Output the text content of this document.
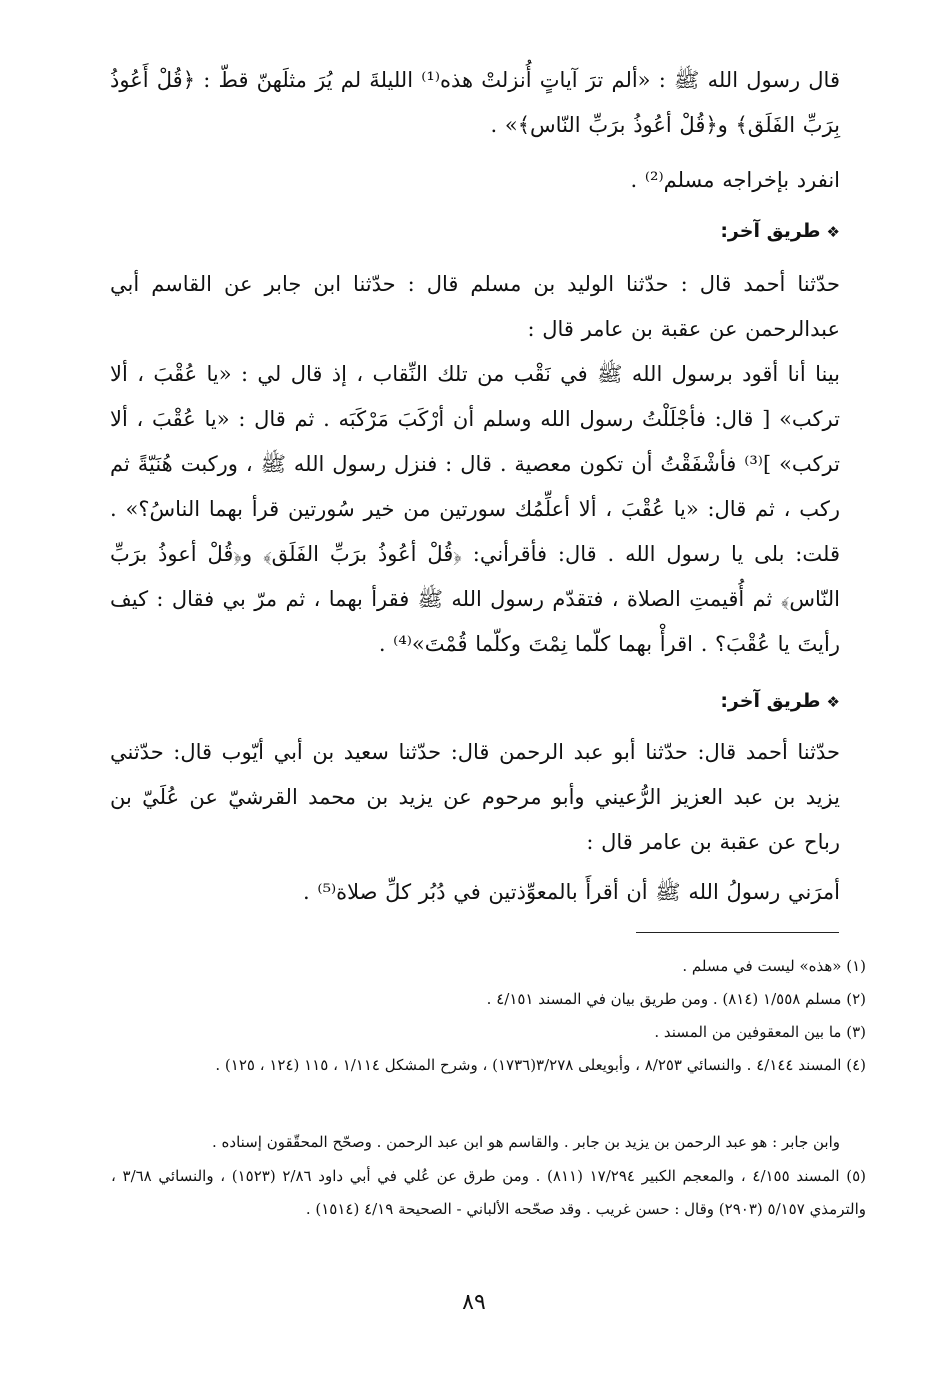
قال رسول الله ﷺ : «ألم ترَ آياتٍ أُنزلتْ هذه⁽¹⁾ الليلةَ لم يُرَ مثلَهنّ قطّ : ﴿قُلْ أَعُوذُ بِرَبِّ الفَلَق﴾ و﴿قُلْ أعُوذُ برَبِّ النّاس﴾» .
انفرد بإخراجه مسلم⁽²⁾ .
❖طريق آخر:
حدّثنا أحمد قال : حدّثنا الوليد بن مسلم قال : حدّثنا ابن جابر عن القاسم أبي عبدالرحمن عن عقبة بن عامر قال :
بينا أنا أقود برسول الله ﷺ في نَقْب من تلك النِّقاب ، إذ قال لي : «يا عُقْبَ ، ألا تركب» [ قال: فأجْلَلْتُ رسول الله وسلم أن أرْكَبَ مَرْكَبَه . ثم قال : «يا عُقْبَ ، ألا تركب» ]⁽³⁾ فأشْفَقْتُ أن تكون معصية . قال : فنزل رسول الله ﷺ ، وركبت هُنَيّةً ثم ركب ، ثم قال: «يا عُقْبَ ، ألا أعلِّمُك سورتين من خير سُورتين قرأ بهما الناسُ؟» . قلت: بلى يا رسول الله . قال: فأقرأني: ﴿قُلْ أعُوذُ برَبِّ الفَلَق﴾ و﴿قُلْ أعوذُ برَبِّ النّاس﴾ ثم أُقيمتِ الصلاة ، فتقدّم رسول الله ﷺ فقرأ بهما ، ثم مرّ بي فقال : كيف رأيتَ يا عُقْبَ؟ . اقرأْ بهما كلّما نِمْتَ وكلّما قُمْتَ»⁽⁴⁾ .
❖طريق آخر:
حدّثنا أحمد قال: حدّثنا أبو عبد الرحمن قال: حدّثنا سعيد بن أبي أيّوب قال: حدّثني يزيد بن عبد العزيز الرُّعيني وأبو مرحوم عن يزيد بن محمد القرشيّ عن عُلَيّ بن رباح عن عقبة بن عامر قال :
أمرَني رسولُ الله ﷺ أن أقرأَ بالمعوِّذتين في دُبُر كلِّ صلاة⁽⁵⁾ .
(١) «هذه» ليست في مسلم .
(٢) مسلم ١/٥٥٨ (٨١٤) . ومن طريق بيان في المسند ٤/١٥١ .
(٣) ما بين المعقوفين من المسند .
(٤) المسند ٤/١٤٤ . والنسائي ٨/٢٥٣ ، وأبويعلى ٣/٢٧٨(١٧٣٦) ، وشرح المشكل ١/١١٤ ، ١١٥ (١٢٤ ، ١٢٥) .
وابن جابر : هو عبد الرحمن بن يزيد بن جابر . والقاسم هو ابن عبد الرحمن . وصحّح المحقّقون إسناده .
(٥) المسند ٤/١٥٥ ، والمعجم الكبير ١٧/٢٩٤ (٨١١) . ومن طرق عن عُلي في أبي داود ٢/٨٦ (١٥٢٣) ، والنسائي ٣/٦٨ ، والترمذي ٥/١٥٧ (٢٩٠٣) وقال : حسن غريب . وقد صحّحه الألباني - الصحيحة ٤/١٩ (١٥١٤) .
٨٩
